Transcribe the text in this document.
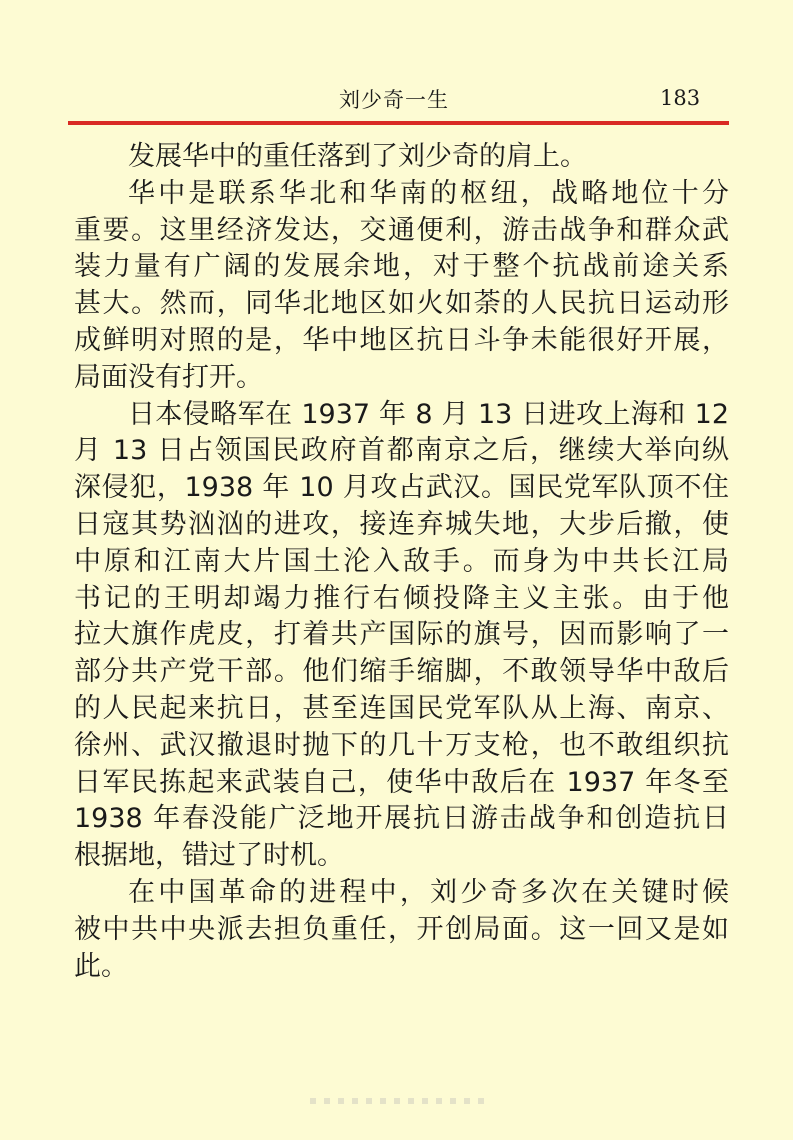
刘少奇一生	183
发展华中的重任落到了刘少奇的肩上。
华中是联系华北和华南的枢纽，战略地位十分
重要。这里经济发达，交通便利，游击战争和群众武
装力量有广阔的发展余地，对于整个抗战前途关系
甚大。然而，同华北地区如火如荼的人民抗日运动形
成鲜明对照的是，华中地区抗日斗争未能很好开展，
局面没有打开。
日本侵略军在 1937 年 8 月 13 日进攻上海和 12
月 13 日占领国民政府首都南京之后，继续大举向纵
深侵犯，1938 年 10 月攻占武汉。国民党军队顶不住
日寇其势汹汹的进攻，接连弃城失地，大步后撤，使
中原和江南大片国土沦入敌手。而身为中共长江局
书记的王明却竭力推行右倾投降主义主张。由于他
拉大旗作虎皮，打着共产国际的旗号，因而影响了一
部分共产党干部。他们缩手缩脚，不敢领导华中敌后
的人民起来抗日，甚至连国民党军队从上海、南京、
徐州、武汉撤退时抛下的几十万支枪，也不敢组织抗
日军民拣起来武装自己，使华中敌后在 1937 年冬至
1938 年春没能广泛地开展抗日游击战争和创造抗日
根据地，错过了时机。
在中国革命的进程中，刘少奇多次在关键时候
被中共中央派去担负重任，开创局面。这一回又是如
此。
